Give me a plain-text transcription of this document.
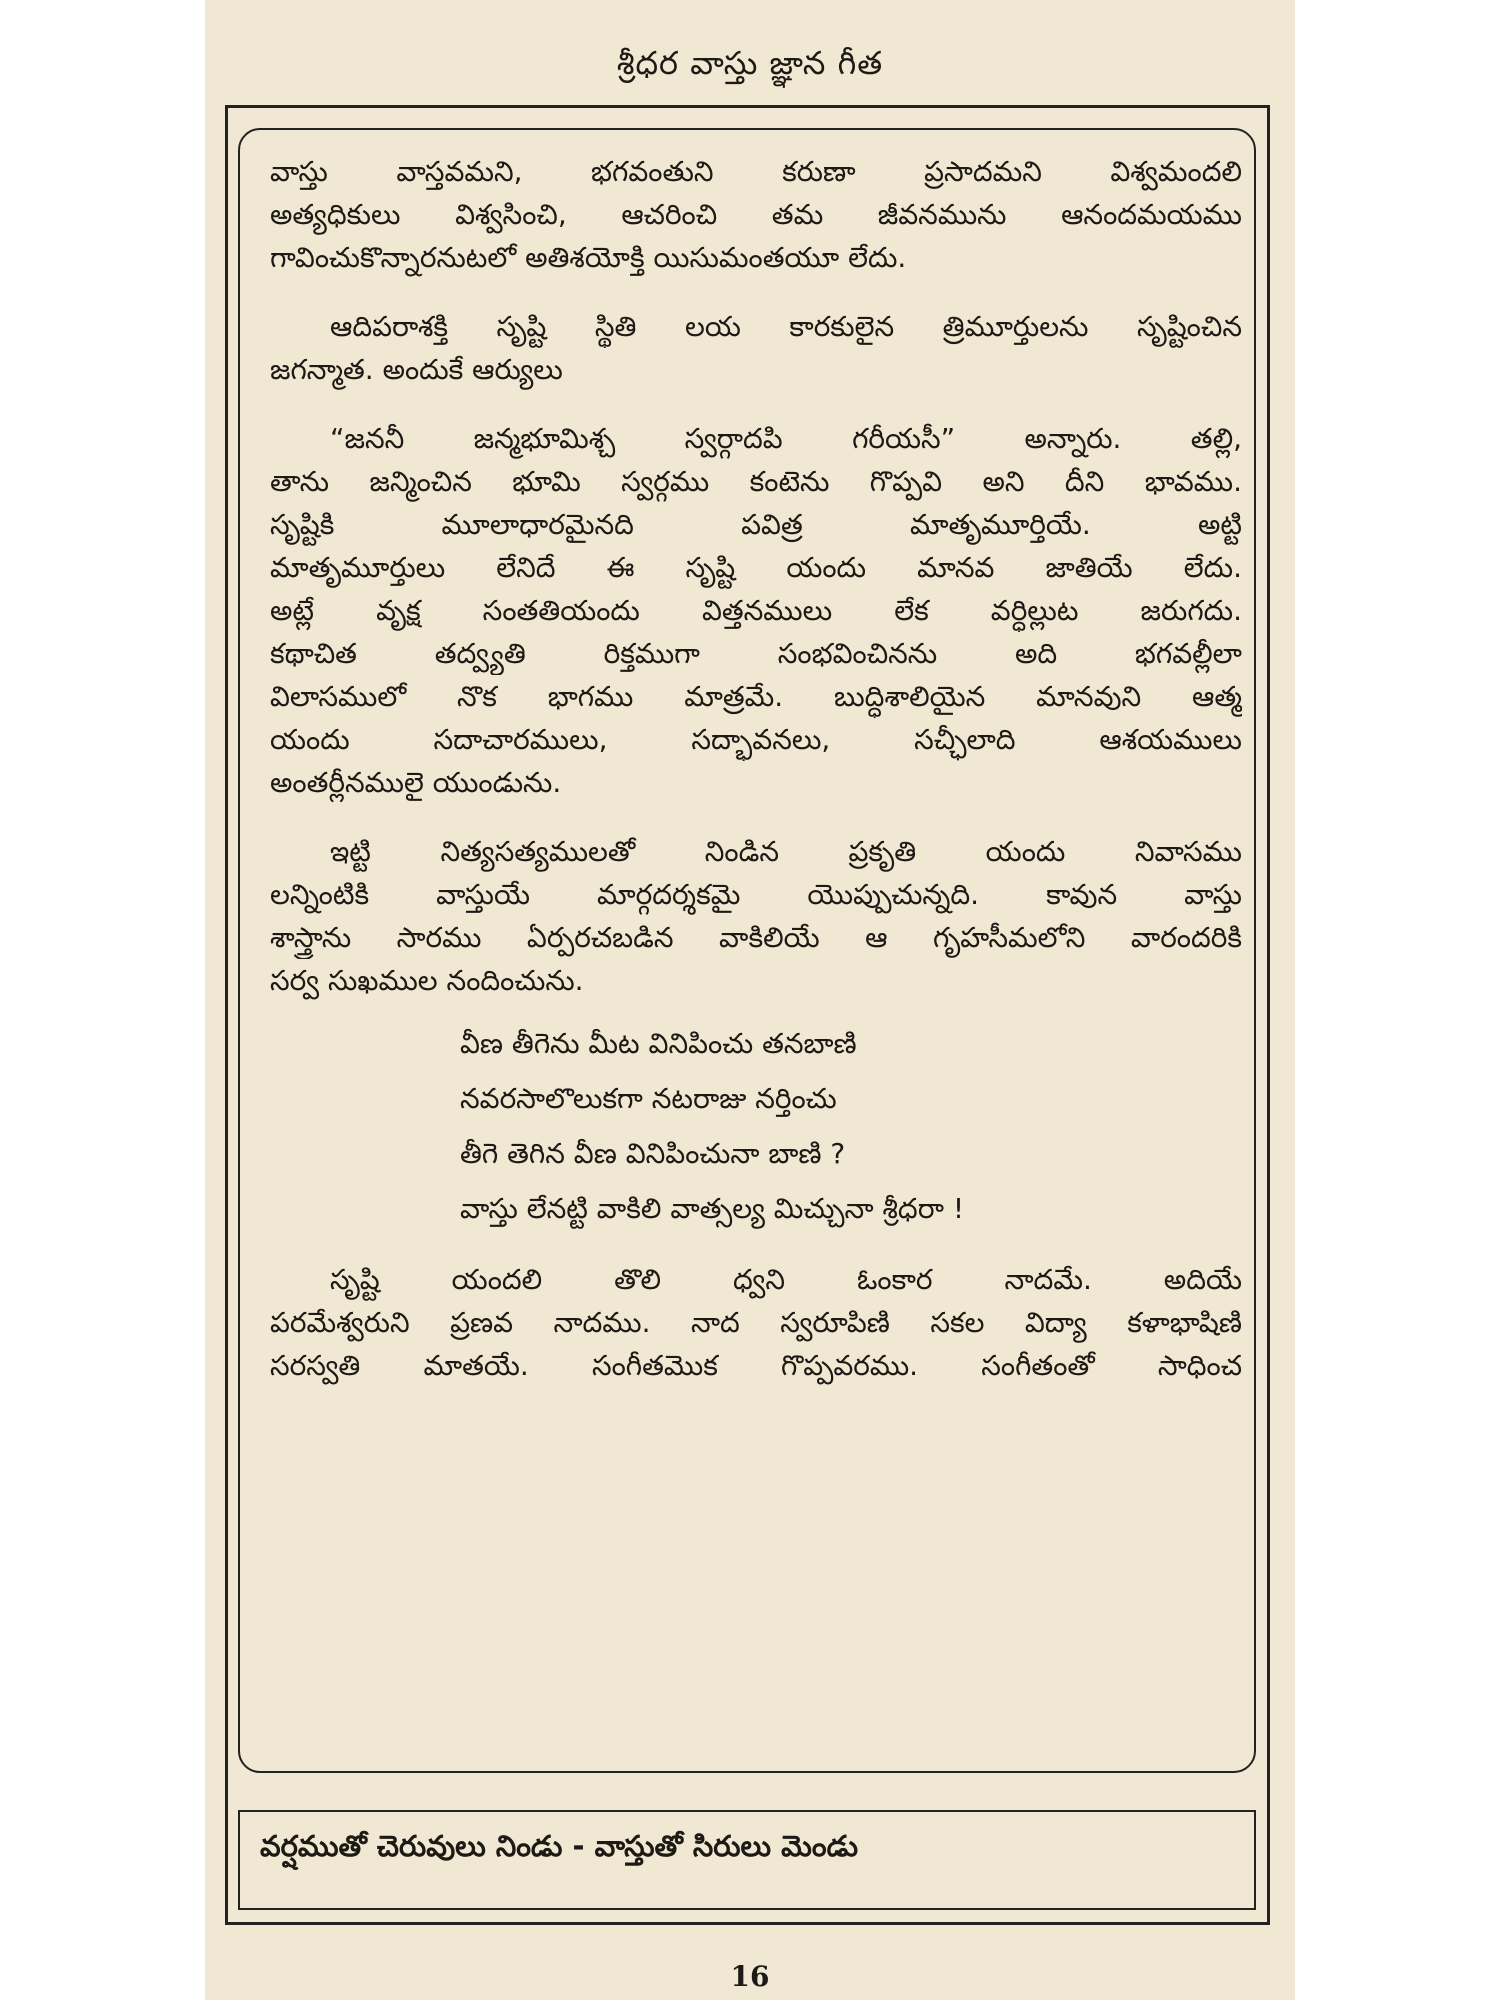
శ్రీధర వాస్తు జ్ఞాన గీత
వాస్తు వాస్తవమని, భగవంతుని కరుణా ప్రసాదమని విశ్వమందలి
అత్యధికులు విశ్వసించి, ఆచరించి తమ జీవనమును ఆనందమయము
గావించుకొన్నారనుటలో అతిశయోక్తి యిసుమంతయూ లేదు.
ఆదిపరాశక్తి సృష్టి స్థితి లయ కారకులైన త్రిమూర్తులను సృష్టించిన
జగన్మాత. అందుకే ఆర్యులు
“జననీ జన్మభూమిశ్చ స్వర్గాదపి గరీయసీ” అన్నారు. తల్లి,
తాను జన్మించిన భూమి స్వర్గము కంటెను గొప్పవి అని దీని భావము.
సృష్టికి మూలాధారమైనది పవిత్ర మాతృమూర్తియే. అట్టి
మాతృమూర్తులు లేనిదే ఈ సృష్టి యందు మానవ జాతియే లేదు.
అట్లే వృక్ష సంతతియందు విత్తనములు లేక వర్ధిల్లుట జరుగదు.
కథాచిత తద్వ్యతి రిక్తముగా సంభవించినను అది భగవల్లీలా
విలాసములో నొక భాగము మాత్రమే. బుద్ధిశాలియైన మానవుని ఆత్మ
యందు సదాచారములు, సద్భావనలు, సచ్ఛీలాది ఆశయములు
అంతర్లీనములై యుండును.
ఇట్టి నిత్యసత్యములతో నిండిన ప్రకృతి యందు నివాసము
లన్నింటికి వాస్తుయే మార్గదర్శకమై యొప్పుచున్నది. కావున వాస్తు
శాస్త్రాను సారము ఏర్పరచబడిన వాకిలియే ఆ గృహసీమలోని వారందరికి
సర్వ సుఖముల నందించును.
వీణ తీగెను మీట వినిపించు తనబాణి
నవరసాలొలుకగా నటరాజు నర్తించు
తీగె తెగిన వీణ వినిపించునా బాణి ?
వాస్తు లేనట్టి వాకిలి వాత్సల్య మిచ్చునా శ్రీధరా !
సృష్టి యందలి తొలి ధ్వని ఓంకార నాదమే. అదియే
పరమేశ్వరుని ప్రణవ నాదము. నాద స్వరూపిణి సకల విద్యా కళాభాషిణి
సరస్వతి మాతయే. సంగీతమొక గొప్పవరము. సంగీతంతో సాధించ
వర్షముతో చెరువులు నిండు - వాస్తుతో సిరులు మెండు
16
